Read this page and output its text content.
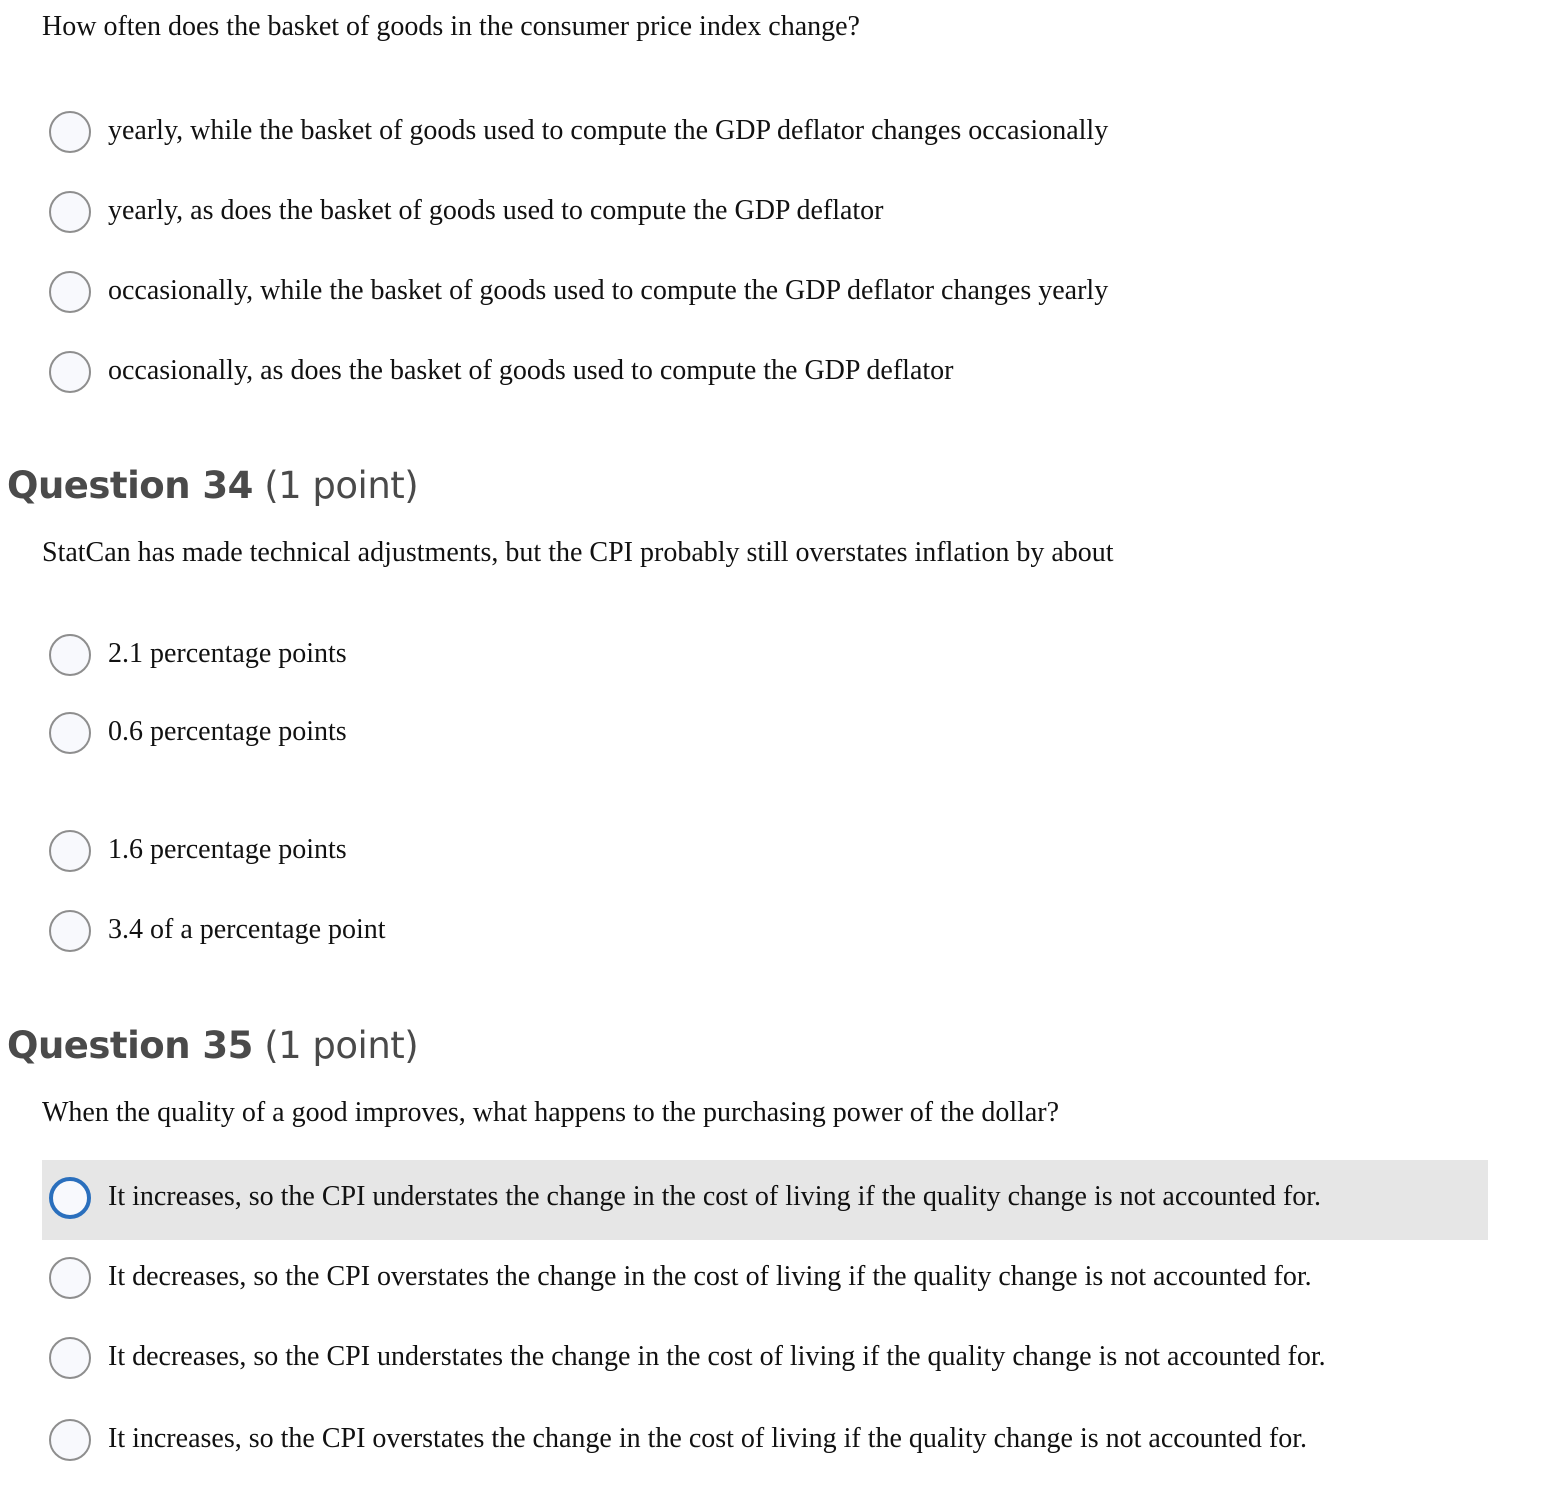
How often does the basket of goods in the consumer price index change?
yearly, while the basket of goods used to compute the GDP deflator changes occasionally
yearly, as does the basket of goods used to compute the GDP deflator
occasionally, while the basket of goods used to compute the GDP deflator changes yearly
occasionally, as does the basket of goods used to compute the GDP deflator
Question 34 (1 point)
StatCan has made technical adjustments, but the CPI probably still overstates inflation by about
2.1 percentage points
0.6 percentage points
1.6 percentage points
3.4 of a percentage point
Question 35 (1 point)
When the quality of a good improves, what happens to the purchasing power of the dollar?
It increases, so the CPI understates the change in the cost of living if the quality change is not accounted for.
It decreases, so the CPI overstates the change in the cost of living if the quality change is not accounted for.
It decreases, so the CPI understates the change in the cost of living if the quality change is not accounted for.
It increases, so the CPI overstates the change in the cost of living if the quality change is not accounted for.
